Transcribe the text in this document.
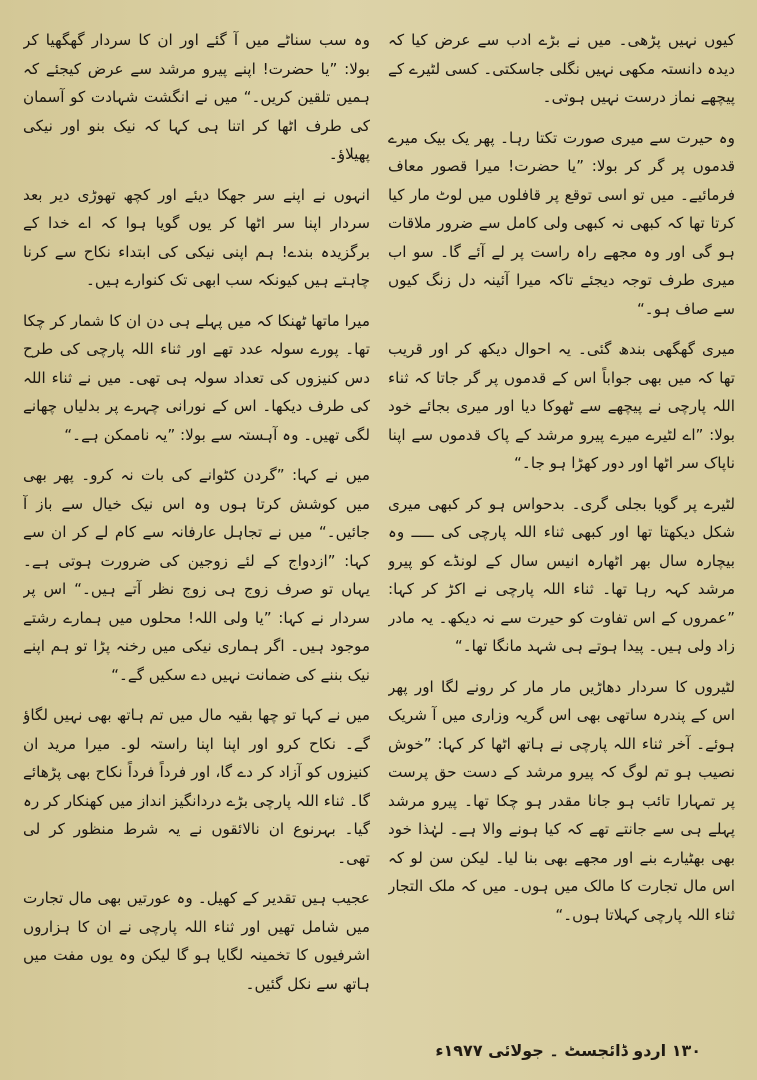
کیوں نہیں پڑھی۔ میں نے بڑے ادب سے عرض کیا کہ دیدہ دانستہ مکھی نہیں نگلی جاسکتی۔ کسی لٹیرے کے پیچھے نماز درست نہیں ہوتی۔

وہ حیرت سے میری صورت تکتا رہا۔ پھر یک بیک میرے قدموں پر گر کر بولا: ”یا حضرت! میرا قصور معاف فرمائیے۔ میں تو اسی توقع پر قافلوں میں لوٹ مار کیا کرتا تھا کہ کبھی نہ کبھی ولی کامل سے ضرور ملاقات ہو گی اور وہ مجھے راہ راست پر لے آئے گا۔ سو اب میری طرف توجہ دیجئے تاکہ میرا آئینہ دل زنگ کیوں سے صاف ہو۔“

میری گھگھی بندھ گئی۔ یہ احوال دیکھ کر اور قریب تھا کہ میں بھی جواباً اس کے قدموں پر گر جاتا کہ ثناء اللہ پارچی نے پیچھے سے ٹھوکا دیا اور میری بجائے خود بولا: ”اے لٹیرے میرے پیرو مرشد کے پاک قدموں سے اپنا ناپاک سر اٹھا اور دور کھڑا ہو جا۔“

لٹیرے پر گویا بجلی گری۔ بدحواس ہو کر کبھی میری شکل دیکھتا تھا اور کبھی ثناء اللہ پارچی کی ـــــ وہ بیچارہ سال بھر اٹھارہ انیس سال کے لونڈے کو پیرو مرشد کہہ رہا تھا۔ ثناء اللہ پارچی نے اکڑ کر کہا: ”عمروں کے اس تفاوت کو حیرت سے نہ دیکھ۔ یہ مادر زاد ولی ہیں۔ پیدا ہوتے ہی شہد مانگا تھا۔“

لٹیروں کا سردار دھاڑیں مار مار کر رونے لگا اور پھر اس کے پندرہ ساتھی بھی اس گریہ وزاری میں آ شریک ہوئے۔ آخر ثناء اللہ پارچی نے ہاتھ اٹھا کر کہا: ”خوش نصیب ہو تم لوگ کہ پیرو مرشد کے دست حق پرست پر تمہارا تائب ہو جانا مقدر ہو چکا تھا۔ پیرو مرشد پہلے ہی سے جانتے تھے کہ کیا ہونے والا ہے۔ لہٰذا خود بھی بھٹیارے بنے اور مجھے بھی بنا لیا۔ لیکن سن لو کہ اس مال تجارت کا مالک میں ہوں۔ میں کہ ملک التجار ثناء اللہ پارچی کہلاتا ہوں۔“

وہ سب سناٹے میں آ گئے اور ان کا سردار گھگھیا کر بولا: ”یا حضرت! اپنے پیرو مرشد سے عرض کیجئے کہ ہمیں تلقین کریں۔“ میں نے انگشت شہادت کو آسمان کی طرف اٹھا کر اتنا ہی کہا کہ نیک بنو اور نیکی پھیلاؤ۔

انہوں نے اپنے سر جھکا دیئے اور کچھ تھوڑی دیر بعد سردار اپنا سر اٹھا کر یوں گویا ہوا کہ اے خدا کے برگزیدہ بندے! ہم اپنی نیکی کی ابتداء نکاح سے کرنا چاہتے ہیں کیونکہ سب ابھی تک کنوارے ہیں۔

میرا ماتھا ٹھنکا کہ میں پہلے ہی دن ان کا شمار کر چکا تھا۔ پورے سولہ عدد تھے اور ثناء اللہ پارچی کی طرح دس کنیزوں کی تعداد سولہ ہی تھی۔ میں نے ثناء اللہ کی طرف دیکھا۔ اس کے نورانی چہرے پر بدلیاں چھانے لگی تھیں۔ وہ آہستہ سے بولا: ”یہ ناممکن ہے۔“

میں نے کہا: ”گردن کٹوانے کی بات نہ کرو۔ پھر بھی میں کوشش کرتا ہوں وہ اس نیک خیال سے باز آ جائیں۔“ میں نے تجاہل عارفانہ سے کام لے کر ان سے کہا: ”ازدواج کے لئے زوجین کی ضرورت ہوتی ہے۔ یہاں تو صرف زوج ہی زوج نظر آتے ہیں۔“ اس پر سردار نے کہا: ”یا ولی اللہ! محلوں میں ہمارے رشتے موجود ہیں۔ اگر ہماری نیکی میں رخنہ پڑا تو ہم اپنے نیک بننے کی ضمانت نہیں دے سکیں گے۔“

میں نے کہا تو چھا بقیہ مال میں تم ہاتھ بھی نہیں لگاؤ گے۔ نکاح کرو اور اپنا اپنا راستہ لو۔ میرا مرید ان کنیزوں کو آزاد کر دے گا، اور فرداً فرداً نکاح بھی پڑھائے گا۔ ثناء اللہ پارچی بڑے دردانگیز انداز میں کھنکار کر رہ گیا۔ بہرنوع ان نالائقوں نے یہ شرط منظور کر لی تھی۔

عجیب ہیں تقدیر کے کھیل۔ وہ عورتیں بھی مال تجارت میں شامل تھیں اور ثناء اللہ پارچی نے ان کا ہزاروں اشرفیوں کا تخمینہ لگایا ہو گا لیکن وہ یوں مفت میں ہاتھ سے نکل گئیں۔

۱۳۰ اردو ڈائجسٹ ۔ جولائی ۱۹۷۷ء
